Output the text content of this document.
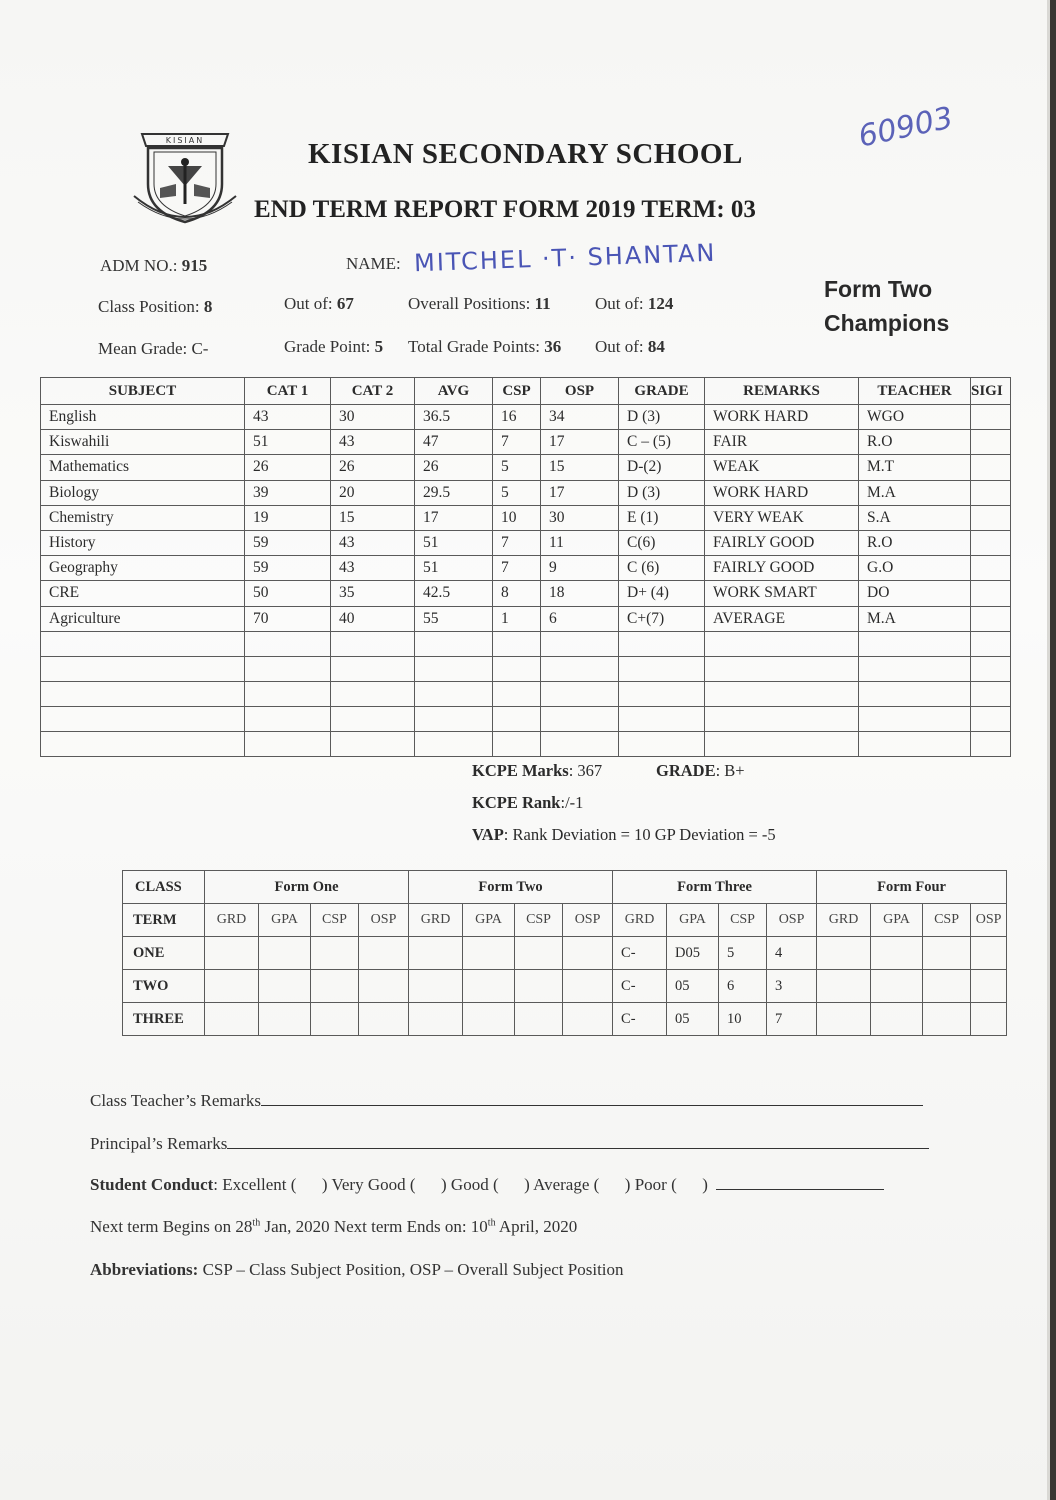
KISIAN	KISIAN SECONDARY SCHOOL
END TERM REPORT FORM 2019 TERM: 03
60903
ADM NO.: 915	NAME: MITCHEL ·T· SHANTAN
Class Position: 8	Out of: 67	Overall Positions: 11	Out of: 124
Mean Grade: C-	Grade Point: 5 Total Grade Points: 36 Out of: 84
Form Two
Champions
SUBJECT	CAT 1	CAT 2	AVG	CSP	OSP	GRADE	REMARKS	TEACHER	SIGI
English	43	30	36.5	16	34	D (3)	WORK HARD	WGO	
Kiswahili	51	43	47	7	17	C – (5)	FAIR	R.O	
Mathematics	26	26	26	5	15	D-(2)	WEAK	M.T	
Biology	39	20	29.5	5	17	D (3)	WORK HARD	M.A	
Chemistry	19	15	17	10	30	E (1)	VERY WEAK	S.A	
History	59	43	51	7	11	C(6)	FAIRLY GOOD	R.O	
Geography	59	43	51	7	9	C (6)	FAIRLY GOOD	G.O	
CRE	50	35	42.5	8	18	D+ (4)	WORK SMART	DO	
Agriculture	70	40	55	1	6	C+(7)	AVERAGE	M.A	

KCPE Marks: 367	GRADE: B+
KCPE Rank:/-1
VAP: Rank Deviation = 10 GP Deviation = -5
CLASS	Form One				Form Two				Form Three				Form Four			
TERM	GRD	GPA	CSP	OSP	GRD	GPA	CSP	OSP	GRD	GPA	CSP	OSP	GRD	GPA	CSP	OSP
ONE									C-	D05	5	4				
TWO									C-	05	6	3				
THREE									C-	05	10	7				
Class Teacher’s Remarks
Principal’s Remarks
Student Conduct: Excellent (      ) Very Good (      ) Good (      ) Average (      ) Poor (      )
Next term Begins on 28th Jan, 2020 Next term Ends on: 10th April, 2020
Abbreviations: CSP – Class Subject Position, OSP – Overall Subject Position
